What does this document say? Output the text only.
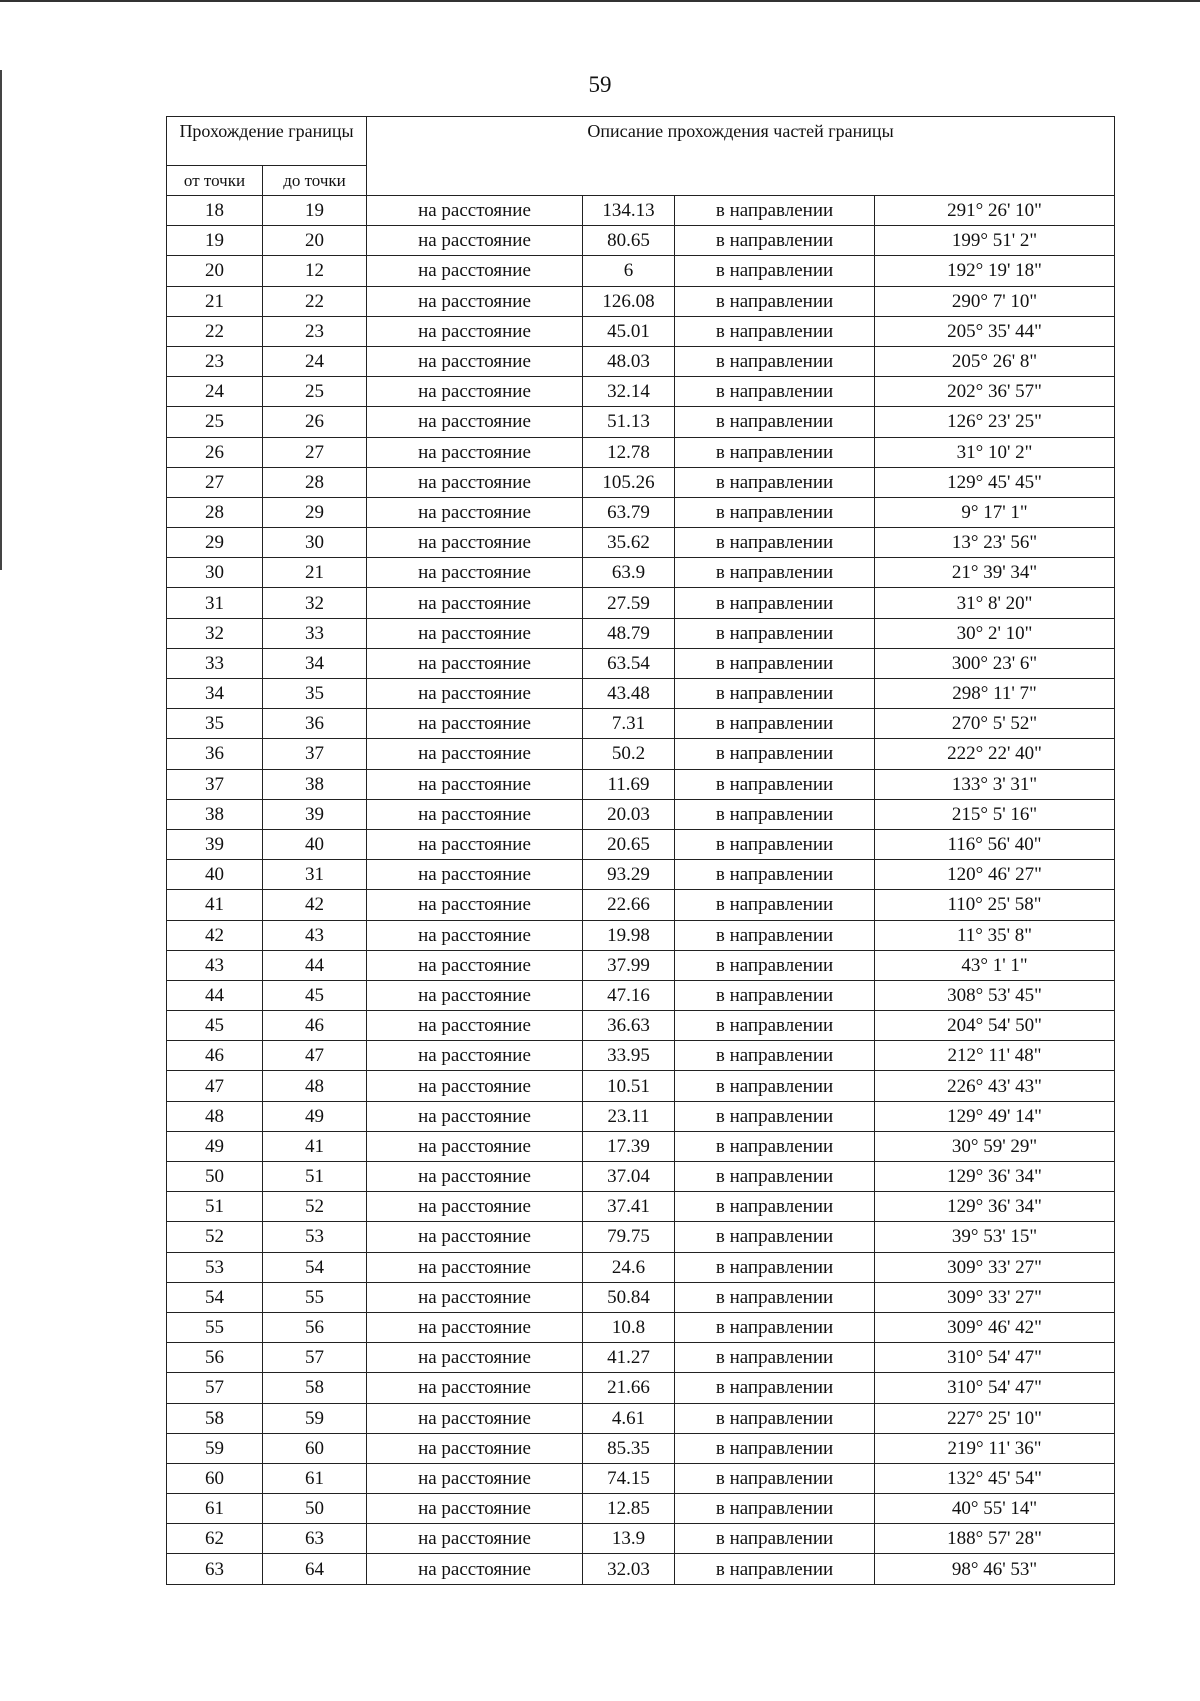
59
Прохождение границы		Описание прохождения частей границы			
от точки	до точки				
18	19	на расстояние	134.13	в направлении	291° 26' 10"
19	20	на расстояние	80.65	в направлении	199° 51' 2"
20	12	на расстояние	6	в направлении	192° 19' 18"
21	22	на расстояние	126.08	в направлении	290° 7' 10"
22	23	на расстояние	45.01	в направлении	205° 35' 44"
23	24	на расстояние	48.03	в направлении	205° 26' 8"
24	25	на расстояние	32.14	в направлении	202° 36' 57"
25	26	на расстояние	51.13	в направлении	126° 23' 25"
26	27	на расстояние	12.78	в направлении	31° 10' 2"
27	28	на расстояние	105.26	в направлении	129° 45' 45"
28	29	на расстояние	63.79	в направлении	9° 17' 1"
29	30	на расстояние	35.62	в направлении	13° 23' 56"
30	21	на расстояние	63.9	в направлении	21° 39' 34"
31	32	на расстояние	27.59	в направлении	31° 8' 20"
32	33	на расстояние	48.79	в направлении	30° 2' 10"
33	34	на расстояние	63.54	в направлении	300° 23' 6"
34	35	на расстояние	43.48	в направлении	298° 11' 7"
35	36	на расстояние	7.31	в направлении	270° 5' 52"
36	37	на расстояние	50.2	в направлении	222° 22' 40"
37	38	на расстояние	11.69	в направлении	133° 3' 31"
38	39	на расстояние	20.03	в направлении	215° 5' 16"
39	40	на расстояние	20.65	в направлении	116° 56' 40"
40	31	на расстояние	93.29	в направлении	120° 46' 27"
41	42	на расстояние	22.66	в направлении	110° 25' 58"
42	43	на расстояние	19.98	в направлении	11° 35' 8"
43	44	на расстояние	37.99	в направлении	43° 1' 1"
44	45	на расстояние	47.16	в направлении	308° 53' 45"
45	46	на расстояние	36.63	в направлении	204° 54' 50"
46	47	на расстояние	33.95	в направлении	212° 11' 48"
47	48	на расстояние	10.51	в направлении	226° 43' 43"
48	49	на расстояние	23.11	в направлении	129° 49' 14"
49	41	на расстояние	17.39	в направлении	30° 59' 29"
50	51	на расстояние	37.04	в направлении	129° 36' 34"
51	52	на расстояние	37.41	в направлении	129° 36' 34"
52	53	на расстояние	79.75	в направлении	39° 53' 15"
53	54	на расстояние	24.6	в направлении	309° 33' 27"
54	55	на расстояние	50.84	в направлении	309° 33' 27"
55	56	на расстояние	10.8	в направлении	309° 46' 42"
56	57	на расстояние	41.27	в направлении	310° 54' 47"
57	58	на расстояние	21.66	в направлении	310° 54' 47"
58	59	на расстояние	4.61	в направлении	227° 25' 10"
59	60	на расстояние	85.35	в направлении	219° 11' 36"
60	61	на расстояние	74.15	в направлении	132° 45' 54"
61	50	на расстояние	12.85	в направлении	40° 55' 14"
62	63	на расстояние	13.9	в направлении	188° 57' 28"
63	64	на расстояние	32.03	в направлении	98° 46' 53"
